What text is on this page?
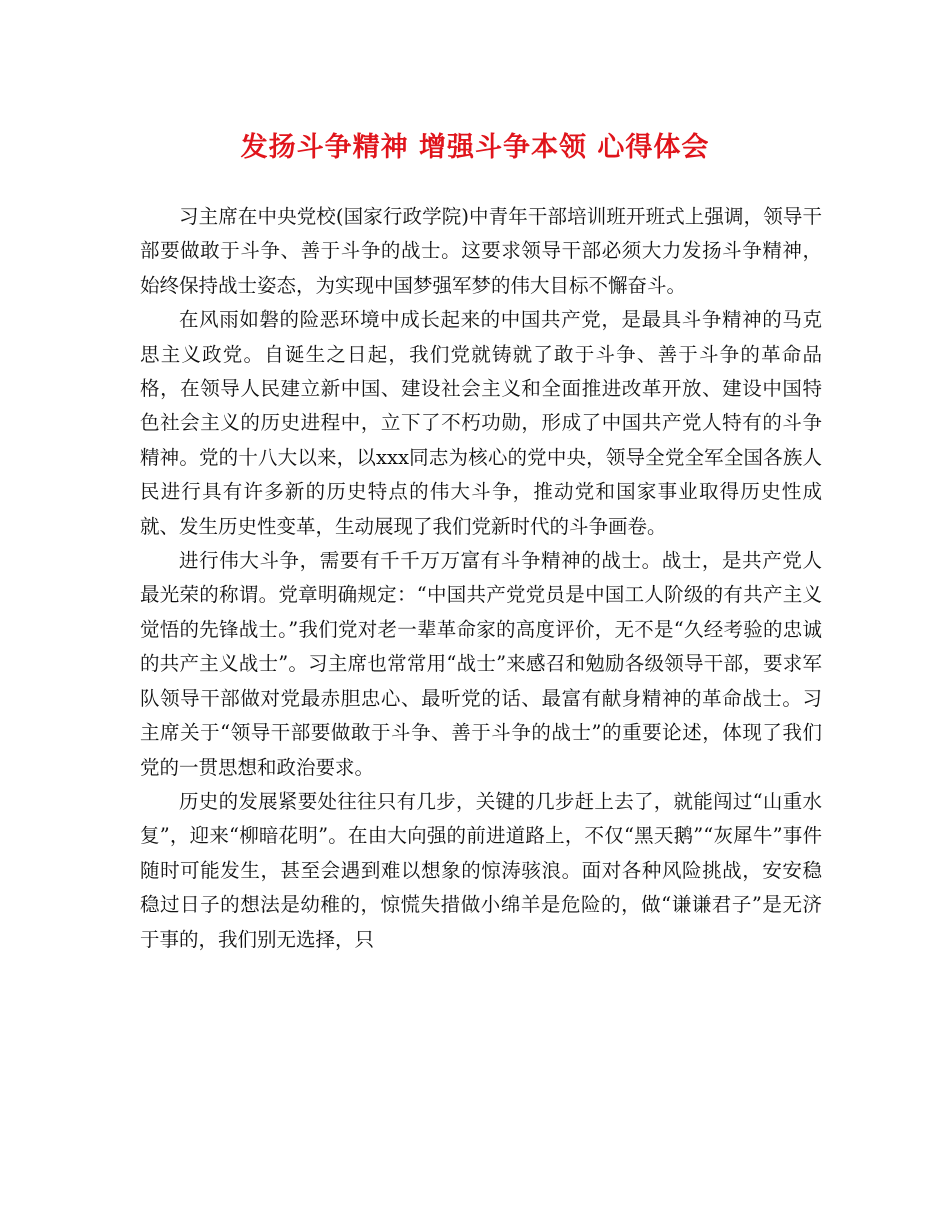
发扬斗争精神 增强斗争本领 心得体会

习主席在中央党校(国家行政学院)中青年干部培训班开班式上强调，领导干部要做敢于斗争、善于斗争的战士。这要求领导干部必须大力发扬斗争精神，始终保持战士姿态，为实现中国梦强军梦的伟大目标不懈奋斗。

在风雨如磐的险恶环境中成长起来的中国共产党，是最具斗争精神的马克思主义政党。自诞生之日起，我们党就铸就了敢于斗争、善于斗争的革命品格，在领导人民建立新中国、建设社会主义和全面推进改革开放、建设中国特色社会主义的历史进程中，立下了不朽功勋，形成了中国共产党人特有的斗争精神。党的十八大以来，以xxx同志为核心的党中央，领导全党全军全国各族人民进行具有许多新的历史特点的伟大斗争，推动党和国家事业取得历史性成就、发生历史性变革，生动展现了我们党新时代的斗争画卷。

进行伟大斗争，需要有千千万万富有斗争精神的战士。战士，是共产党人最光荣的称谓。党章明确规定：“中国共产党党员是中国工人阶级的有共产主义觉悟的先锋战士。”我们党对老一辈革命家的高度评价，无不是“久经考验的忠诚的共产主义战士”。习主席也常常用“战士”来感召和勉励各级领导干部，要求军队领导干部做对党最赤胆忠心、最听党的话、最富有献身精神的革命战士。习主席关于“领导干部要做敢于斗争、善于斗争的战士”的重要论述，体现了我们党的一贯思想和政治要求。

历史的发展紧要处往往只有几步，关键的几步赶上去了，就能闯过“山重水复”，迎来“柳暗花明”。在由大向强的前进道路上，不仅“黑天鹅”“灰犀牛”事件随时可能发生，甚至会遇到难以想象的惊涛骇浪。面对各种风险挑战，安安稳稳过日子的想法是幼稚的，惊慌失措做小绵羊是危险的，做“谦谦君子”是无济于事的，我们别无选择，只
